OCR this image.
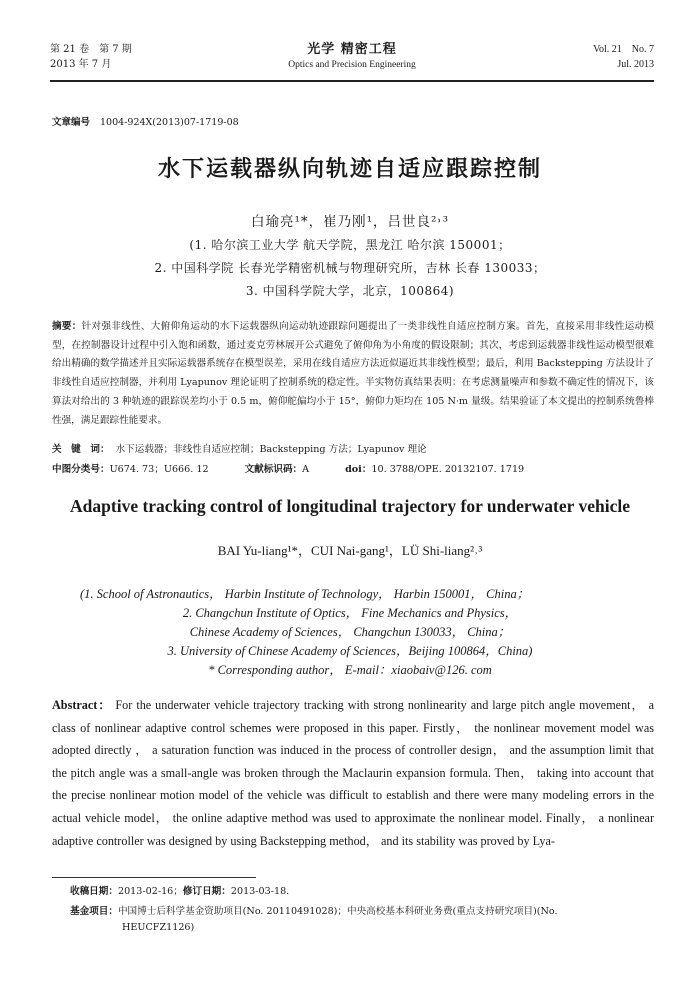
第 21 卷　第 7 期
2013 年 7 月
光学 精密工程
Optics and Precision Engineering
Vol. 21　No. 7
Jul. 2013
文章编号 1004-924X(2013)07-1719-08
水下运载器纵向轨迹自适应跟踪控制
白瑜亮¹*，崔乃刚¹，吕世良²˒³
(1. 哈尔滨工业大学 航天学院，黑龙江 哈尔滨 150001；
2. 中国科学院 长春光学精密机械与物理研究所，吉林 长春 130033；
3. 中国科学院大学，北京，100864)
摘要：针对强非线性、大俯仰角运动的水下运载器纵向运动轨迹跟踪问题提出了一类非线性自适应控制方案。首先，直接采用非线性运动模型，在控制器设计过程中引入饱和函数，通过麦克劳林展开公式避免了俯仰角为小角度的假设限制；其次，考虑到运载器非线性运动模型很难给出精确的数学描述并且实际运载器系统存在模型误差，采用在线自适应方法近似逼近其非线性模型；最后，利用 Backstepping 方法设计了非线性自适应控制器，并利用 Lyapunov 理论证明了控制系统的稳定性。半实物仿真结果表明：在考虑测量噪声和参数不确定性的情况下，该算法对给出的 3 种轨迹的跟踪误差均小于 0.5 m，俯仰舵偏均小于 15°，俯仰力矩均在 105 N·m 量级。结果验证了本文提出的控制系统鲁棒性强，满足跟踪性能要求。
关　键　词： 水下运载器；非线性自适应控制；Backstepping 方法；Lyapunov 理论
中图分类号：U674. 73；U666. 12	文献标识码：A	doi：10. 3788/OPE. 20132107. 1719
Adaptive tracking control of longitudinal trajectory for underwater vehicle
BAI Yu-liang¹*，CUI Nai-gang¹，LÜ Shi-liang²˒³
(1. School of Astronautics， Harbin Institute of Technology， Harbin 150001， China；
2. Changchun Institute of Optics， Fine Mechanics and Physics，
Chinese Academy of Sciences， Changchun 130033， China；
3. University of Chinese Academy of Sciences，Beijing 100864，China)
* Corresponding author， E-mail：xiaobaiv@126. com
Abstract： For the underwater vehicle trajectory tracking with strong nonlinearity and large pitch angle movement， a class of nonlinear adaptive control schemes were proposed in this paper. Firstly， the nonlinear movement model was adopted directly ， a saturation function was induced in the process of controller design， and the assumption limit that the pitch angle was a small-angle was broken through the Maclaurin expansion formula. Then， taking into account that the precise nonlinear motion model of the vehicle was difficult to establish and there were many modeling errors in the actual vehicle model， the online adaptive method was used to approximate the nonlinear model. Finally， a nonlinear adaptive controller was designed by using Backstepping method， and its stability was proved by Lya-
收稿日期：2013-02-16；修订日期：2013-03-18.
基金项目：中国博士后科学基金资助项目(No. 20110491028)；中央高校基本科研业务费(重点支持研究项目)(No.
HEUCFZ1126)
